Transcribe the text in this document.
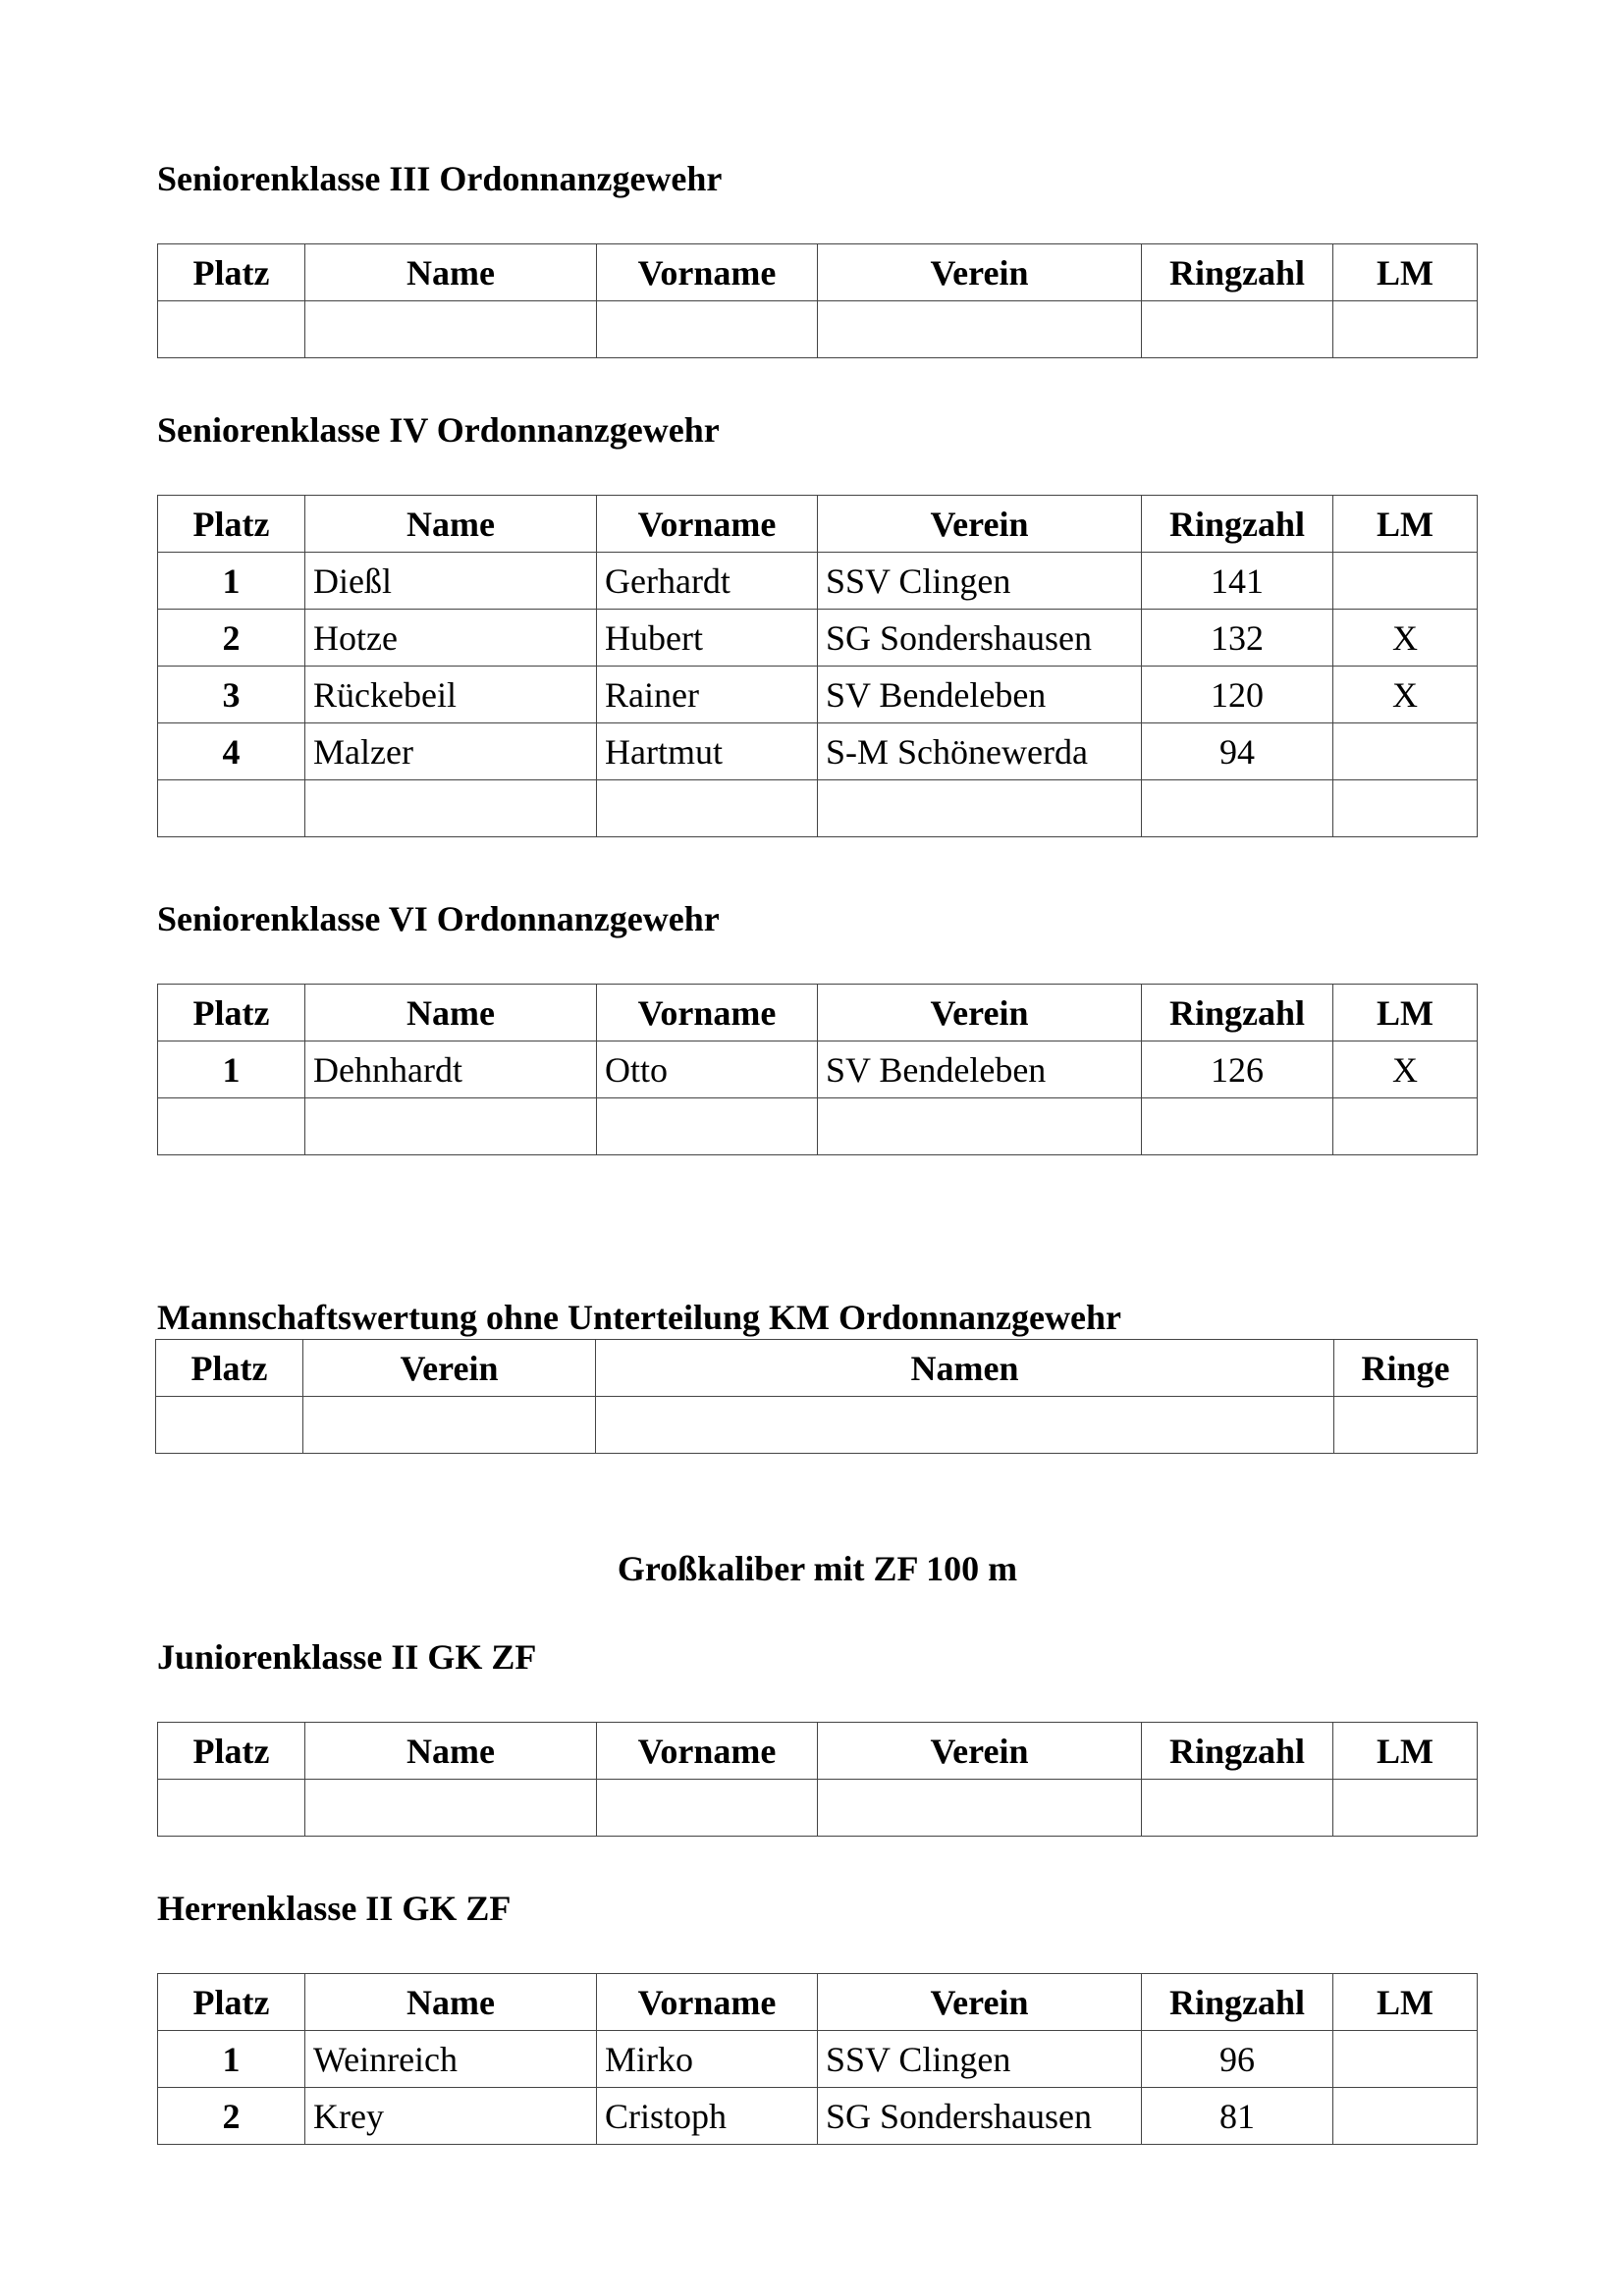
Seniorenklasse III Ordonnanzgewehr
Platz	Name	Vorname	Verein	Ringzahl	LM

Seniorenklasse IV Ordonnanzgewehr
Platz	Name	Vorname	Verein	Ringzahl	LM
1	Dießl	Gerhardt	SSV Clingen	141	
2	Hotze	Hubert	SG Sondershausen	132	X
3	Rückebeil	Rainer	SV Bendeleben	120	X
4	Malzer	Hartmut	S-M Schönewerda	94	

Seniorenklasse VI Ordonnanzgewehr
Platz	Name	Vorname	Verein	Ringzahl	LM
1	Dehnhardt	Otto	SV Bendeleben	126	X

Mannschaftswertung ohne Unterteilung KM Ordonnanzgewehr
Platz	Verein	Namen	Ringe

Großkaliber mit ZF 100 m
Juniorenklasse II GK ZF
Platz	Name	Vorname	Verein	Ringzahl	LM

Herrenklasse II GK ZF
Platz	Name	Vorname	Verein	Ringzahl	LM
1	Weinreich	Mirko	SSV Clingen	96	
2	Krey	Cristoph	SG Sondershausen	81	
